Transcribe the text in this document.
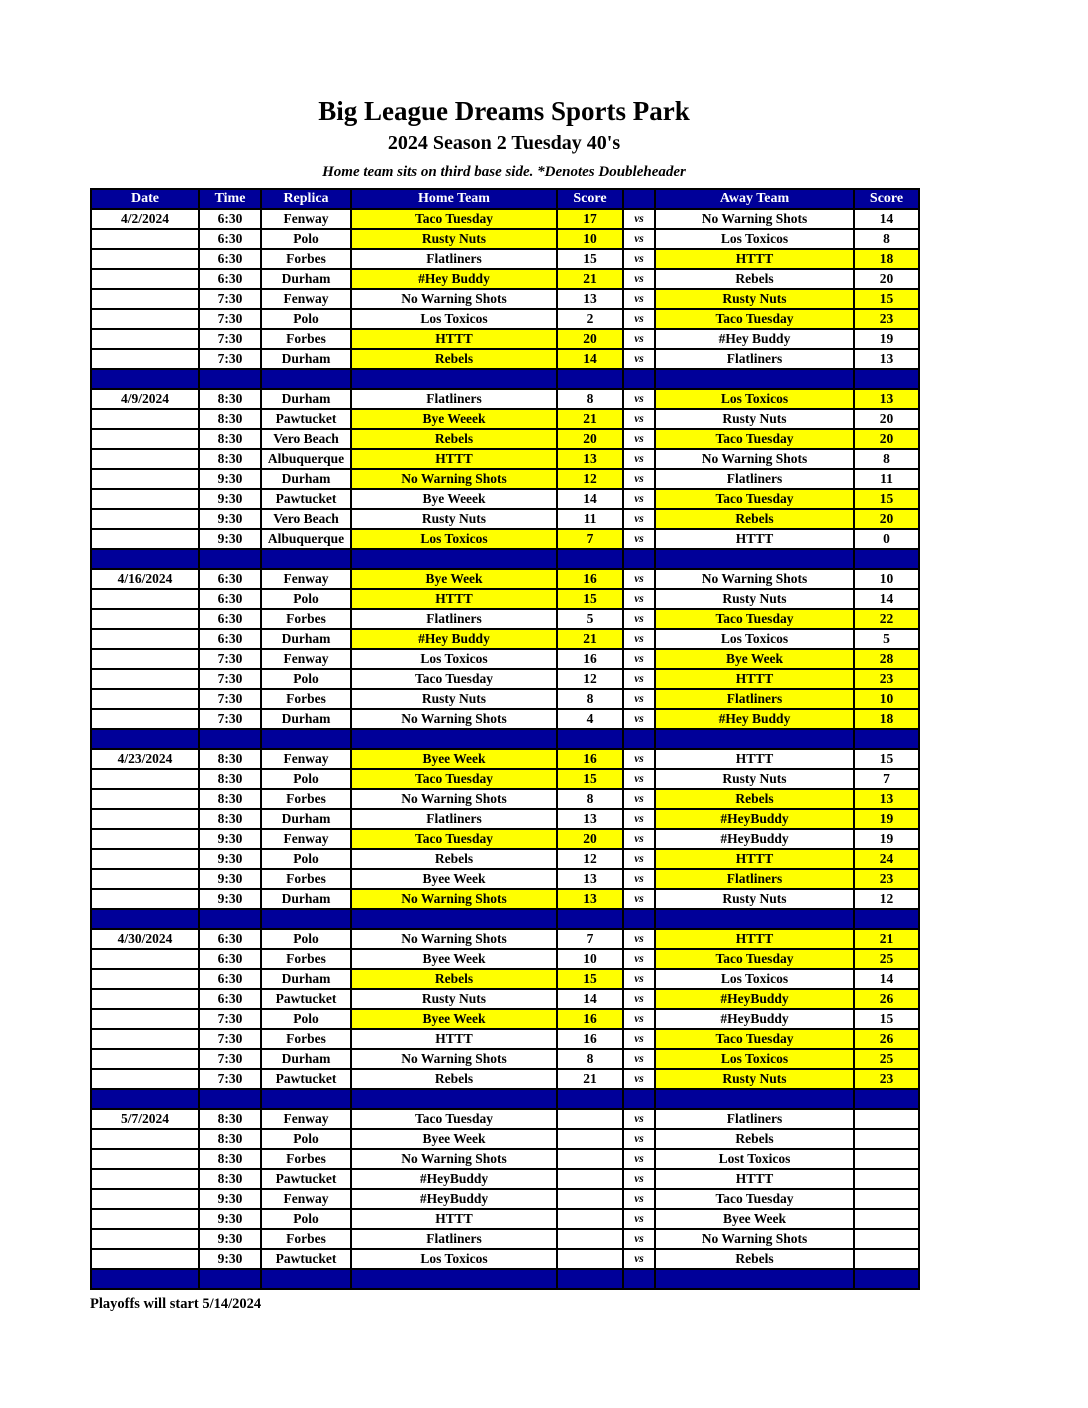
Big League Dreams Sports Park
2024 Season 2 Tuesday 40's
Home team sits on third base side. *Denotes Doubleheader
Date	Time	Replica	Home Team	Score		Away Team	Score
4/2/2024	6:30	Fenway	Taco Tuesday	17	vs	No Warning Shots	14
	6:30	Polo	Rusty Nuts	10	vs	Los Toxicos	8
	6:30	Forbes	Flatliners	15	vs	HTTT	18
	6:30	Durham	#Hey Buddy	21	vs	Rebels	20
	7:30	Fenway	No Warning Shots	13	vs	Rusty Nuts	15
	7:30	Polo	Los Toxicos	2	vs	Taco Tuesday	23
	7:30	Forbes	HTTT	20	vs	#Hey Buddy	19
	7:30	Durham	Rebels	14	vs	Flatliners	13

4/9/2024	8:30	Durham	Flatliners	8	vs	Los Toxicos	13
	8:30	Pawtucket	Bye Weeek	21	vs	Rusty Nuts	20
	8:30	Vero Beach	Rebels	20	vs	Taco Tuesday	20
	8:30	Albuquerque	HTTT	13	vs	No Warning Shots	8
	9:30	Durham	No Warning Shots	12	vs	Flatliners	11
	9:30	Pawtucket	Bye Weeek	14	vs	Taco Tuesday	15
	9:30	Vero Beach	Rusty Nuts	11	vs	Rebels	20
	9:30	Albuquerque	Los Toxicos	7	vs	HTTT	0

4/16/2024	6:30	Fenway	Bye Week	16	vs	No Warning Shots	10
	6:30	Polo	HTTT	15	vs	Rusty Nuts	14
	6:30	Forbes	Flatliners	5	vs	Taco Tuesday	22
	6:30	Durham	#Hey Buddy	21	vs	Los Toxicos	5
	7:30	Fenway	Los Toxicos	16	vs	Bye Week	28
	7:30	Polo	Taco Tuesday	12	vs	HTTT	23
	7:30	Forbes	Rusty Nuts	8	vs	Flatliners	10
	7:30	Durham	No Warning Shots	4	vs	#Hey Buddy	18

4/23/2024	8:30	Fenway	Byee Week	16	vs	HTTT	15
	8:30	Polo	Taco Tuesday	15	vs	Rusty Nuts	7
	8:30	Forbes	No Warning Shots	8	vs	Rebels	13
	8:30	Durham	Flatliners	13	vs	#HeyBuddy	19
	9:30	Fenway	Taco Tuesday	20	vs	#HeyBuddy	19
	9:30	Polo	Rebels	12	vs	HTTT	24
	9:30	Forbes	Byee Week	13	vs	Flatliners	23
	9:30	Durham	No Warning Shots	13	vs	Rusty Nuts	12

4/30/2024	6:30	Polo	No Warning Shots	7	vs	HTTT	21
	6:30	Forbes	Byee Week	10	vs	Taco Tuesday	25
	6:30	Durham	Rebels	15	vs	Los Toxicos	14
	6:30	Pawtucket	Rusty Nuts	14	vs	#HeyBuddy	26
	7:30	Polo	Byee Week	16	vs	#HeyBuddy	15
	7:30	Forbes	HTTT	16	vs	Taco Tuesday	26
	7:30	Durham	No Warning Shots	8	vs	Los Toxicos	25
	7:30	Pawtucket	Rebels	21	vs	Rusty Nuts	23

5/7/2024	8:30	Fenway	Taco Tuesday		vs	Flatliners	
	8:30	Polo	Byee Week		vs	Rebels	
	8:30	Forbes	No Warning Shots		vs	Lost Toxicos	
	8:30	Pawtucket	#HeyBuddy		vs	HTTT	
	9:30	Fenway	#HeyBuddy		vs	Taco Tuesday	
	9:30	Polo	HTTT		vs	Byee Week	
	9:30	Forbes	Flatliners		vs	No Warning Shots	
	9:30	Pawtucket	Los Toxicos		vs	Rebels	

Playoffs will start 5/14/2024
